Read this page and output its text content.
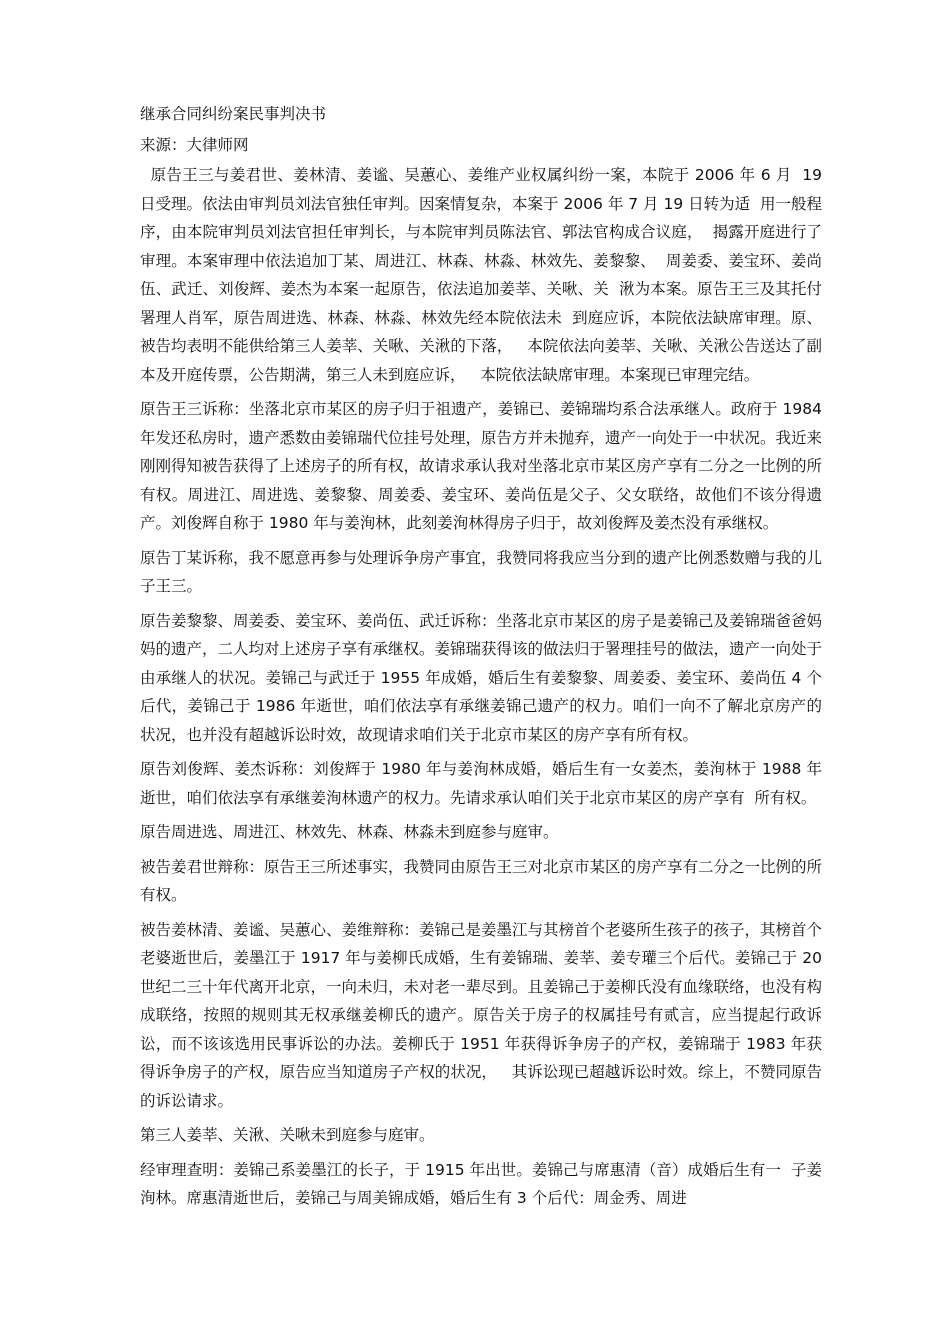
继承合同纠纷案民事判决书
来源：大律师网
原告王三与姜君世、姜林清、姜谧、吴蕙心、姜维产业权属纠纷一案，本院于 2006 年 6 月  19 日受理。依法由审判员刘法官独任审判。因案情复杂，本案于 2006 年 7 月 19 日转为适  用一般程序，由本院审判员刘法官担任审判长，与本院审判员陈法官、郭法官构成合议庭，  揭露开庭进行了审理。本案审理中依法追加丁某、周进江、林森、林淼、林效先、姜黎黎、  周姜委、姜宝环、姜尚伍、武迁、刘俊辉、姜杰为本案一起原告，依法追加姜莘、关啾、关  湫为本案。原告王三及其托付署理人肖军，原告周进选、林森、林淼、林效先经本院依法未  到庭应诉，本院依法缺席审理。原、被告均表明不能供给第三人姜莘、关啾、关湫的下落，   本院依法向姜莘、关啾、关湫公告送达了副本及开庭传票，公告期满，第三人未到庭应诉，   本院依法缺席审理。本案现已审理完结。
原告王三诉称：坐落北京市某区的房子归于祖遗产，姜锦已、姜锦瑞均系合法承继人。政府于 1984 年发还私房时，遗产悉数由姜锦瑞代位挂号处理，原告方并未抛弃，遗产一向处于一中状况。我近来刚刚得知被告获得了上述房子的所有权，故请求承认我对坐落北京市某区房产享有二分之一比例的所有权。周进江、周进选、姜黎黎、周姜委、姜宝环、姜尚伍是父子、父女联络，故他们不该分得遗产。刘俊辉自称于 1980 年与姜洵林，此刻姜洵林得房子归于，故刘俊辉及姜杰没有承继权。
原告丁某诉称，我不愿意再参与处理诉争房产事宜，我赞同将我应当分到的遗产比例悉数赠与我的儿子王三。
原告姜黎黎、周姜委、姜宝环、姜尚伍、武迁诉称：坐落北京市某区的房子是姜锦己及姜锦瑞爸爸妈妈的遗产，二人均对上述房子享有承继权。姜锦瑞获得该的做法归于署理挂号的做法，遗产一向处于由承继人的状况。姜锦己与武迁于 1955 年成婚，婚后生有姜黎黎、周姜委、姜宝环、姜尚伍 4 个后代，姜锦己于 1986 年逝世，咱们依法享有承继姜锦己遗产的权力。咱们一向不了解北京房产的状况，也并没有超越诉讼时效，故现请求咱们关于北京市某区的房产享有所有权。
原告刘俊辉、姜杰诉称：刘俊辉于 1980 年与姜洵林成婚，婚后生有一女姜杰，姜洵林于 1988 年逝世，咱们依法享有承继姜洵林遗产的权力。先请求承认咱们关于北京市某区的房产享有  所有权。
原告周进选、周进江、林效先、林森、林淼未到庭参与庭审。
被告姜君世辩称：原告王三所述事实，我赞同由原告王三对北京市某区的房产享有二分之一比例的所有权。
被告姜林清、姜谧、吴蕙心、姜维辩称：姜锦己是姜墨江与其榜首个老婆所生孩子的孩子，其榜首个老婆逝世后，姜墨江于 1917 年与姜柳氏成婚，生有姜锦瑞、姜莘、姜专瓘三个后代。姜锦己于 20 世纪二三十年代离开北京，一向未归，未对老一辈尽到。且姜锦己于姜柳氏没有血缘联络，也没有构成联络，按照的规则其无权承继姜柳氏的遗产。原告关于房子的权属挂号有贰言，应当提起行政诉讼，而不该该选用民事诉讼的办法。姜柳氏于 1951 年获得诉争房子的产权，姜锦瑞于 1983 年获得诉争房子的产权，原告应当知道房子产权的状况，   其诉讼现已超越诉讼时效。综上，不赞同原告的诉讼请求。
第三人姜莘、关湫、关啾未到庭参与庭审。
经审理查明：姜锦己系姜墨江的长子，于 1915 年出世。姜锦己与席惠清（音）成婚后生有一  子姜洵林。席惠清逝世后，姜锦己与周美锦成婚，婚后生有 3 个后代：周金秀、周进
